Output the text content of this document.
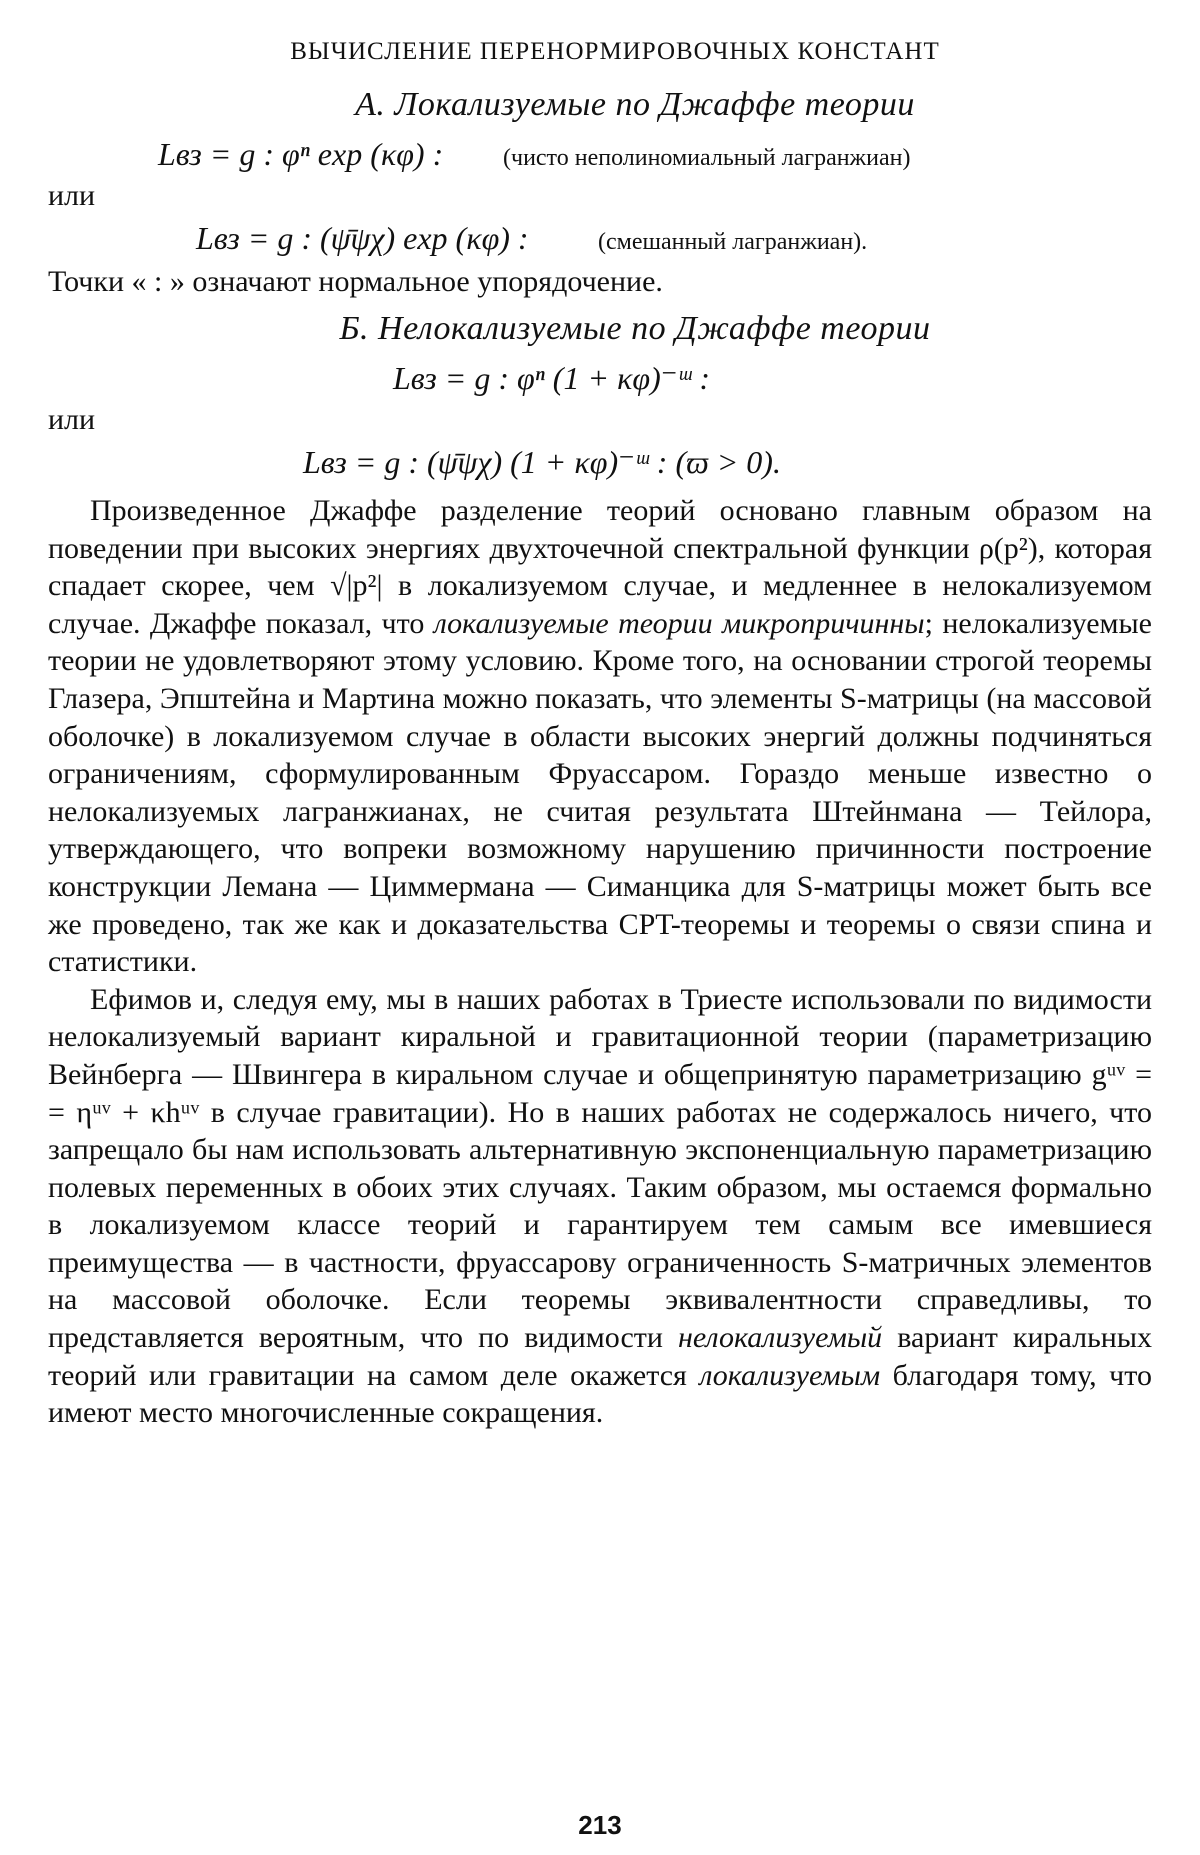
ВЫЧИСЛЕНИЕ ПЕРЕНОРМИРОВОЧНЫХ КОНСТАНТ
А. Локализуемые по Джаффе теории
Lвз = g : φⁿ exp (κφ) : (чисто неполиномиальный лагранжиан)
или
Lвз = g : (ψ̄ψχ) exp (κφ) :	(смешанный лагранжиан).
Точки « : » означают нормальное упорядочение.
Б. Нелокализуемые по Джаффе теории
Lвз = g : φⁿ (1 + κφ)⁻ᵚ :
или
Lвз = g : (ψ̄ψχ) (1 + κφ)⁻ᵚ : (ϖ > 0).

Произведенное Джаффе разделение теорий основано главным образом на поведении при высоких энергиях двухточечной спектральной функции ρ(p²), которая спадает скорее, чем √|p²| в локализуемом случае, и медленнее в нелокализуемом случае. Джаффе показал, что локализуемые теории микропричинны; нелокализуемые теории не удовлетворяют этому условию. Кроме того, на основании строгой теоремы Глазера, Эпштейна и Мартина можно показать, что элементы S-матрицы (на массовой оболочке) в локализуемом случае в области высоких энергий должны подчиняться ограничениям, сформулированным Фруассаром. Гораздо меньше известно о нелокализуемых лагранжианах, не считая результата Штейнмана — Тейлора, утверждающего, что вопреки возможному нарушению причинности построение конструкции Лемана — Циммермана — Симанцика для S-матрицы может быть все же проведено, так же как и доказательства CPT-теоремы и теоремы о связи спина и статистики.

Ефимов и, следуя ему, мы в наших работах в Триесте использовали по видимости нелокализуемый вариант киральной и гравитационной теории (параметризацию Вейнберга — Швингера в киральном случае и общепринятую параметризацию gᵘᵛ = = ηᵘᵛ + κhᵘᵛ в случае гравитации). Но в наших работах не содержалось ничего, что запрещало бы нам использовать альтернативную экспоненциальную параметризацию полевых переменных в обоих этих случаях. Таким образом, мы остаемся формально в локализуемом классе теорий и гарантируем тем самым все имевшиеся преимущества — в частности, фруассарову ограниченность S-матричных элементов на массовой оболочке. Если теоремы эквивалентности справедливы, то представляется вероятным, что по видимости нелокализуемый вариант киральных теорий или гравитации на самом деле окажется локализуемым благодаря тому, что имеют место многочисленные сокращения.

213
